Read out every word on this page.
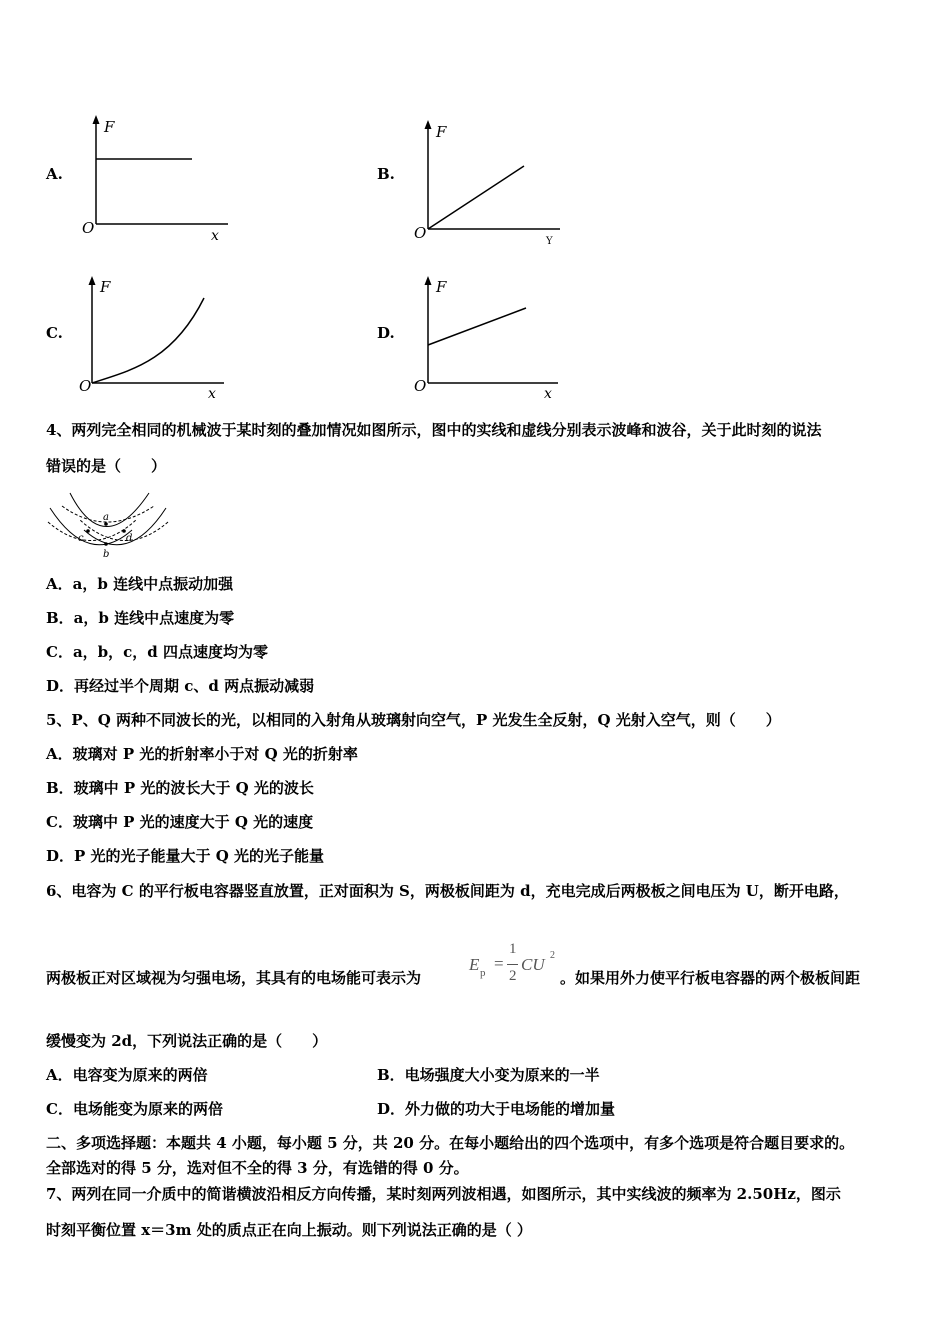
A.
F
O	x
B.
F
O	Y
C.
F
O	x
D.
F
O	x
4、两列完全相同的机械波于某时刻的叠加情况如图所示，图中的实线和虚线分别表示波峰和波谷，关于此时刻的说法
错误的是（　　）
a
b
c	d
A．a，b 连线中点振动加强
B．a，b 连线中点速度为零
C．a，b，c，d 四点速度均为零
D．再经过半个周期 c、d 两点振动减弱
5、P、Q 两种不同波长的光，以相同的入射角从玻璃射向空气，P 光发生全反射，Q 光射入空气，则（　　）
A．玻璃对 P 光的折射率小于对 Q 光的折射率
B．玻璃中 P 光的波长大于 Q 光的波长
C．玻璃中 P 光的速度大于 Q 光的速度
D．P 光的光子能量大于 Q 光的光子能量
6、电容为 C 的平行板电容器竖直放置，正对面积为 S，两极板间距为 d，充电完成后两极板之间电压为 U，断开电路，
两极板正对区域视为匀强电场，其具有的电场能可表示为
E p =
1
2
CU 2
。如果用外力使平行板电容器的两个极板间距
缓慢变为 2d，下列说法正确的是（　　）
A．电容变为原来的两倍	B．电场强度大小变为原来的一半
C．电场能变为原来的两倍	D．外力做的功大于电场能的增加量
二、多项选择题：本题共 4 小题，每小题 5 分，共 20 分。在每小题给出的四个选项中，有多个选项是符合题目要求的。
全部选对的得 5 分，选对但不全的得 3 分，有选错的得 0 分。
7、两列在同一介质中的简谐横波沿相反方向传播，某时刻两列波相遇，如图所示，其中实线波的频率为 2.50Hz，图示
时刻平衡位置 x＝3m 处的质点正在向上振动。则下列说法正确的是（ ）
